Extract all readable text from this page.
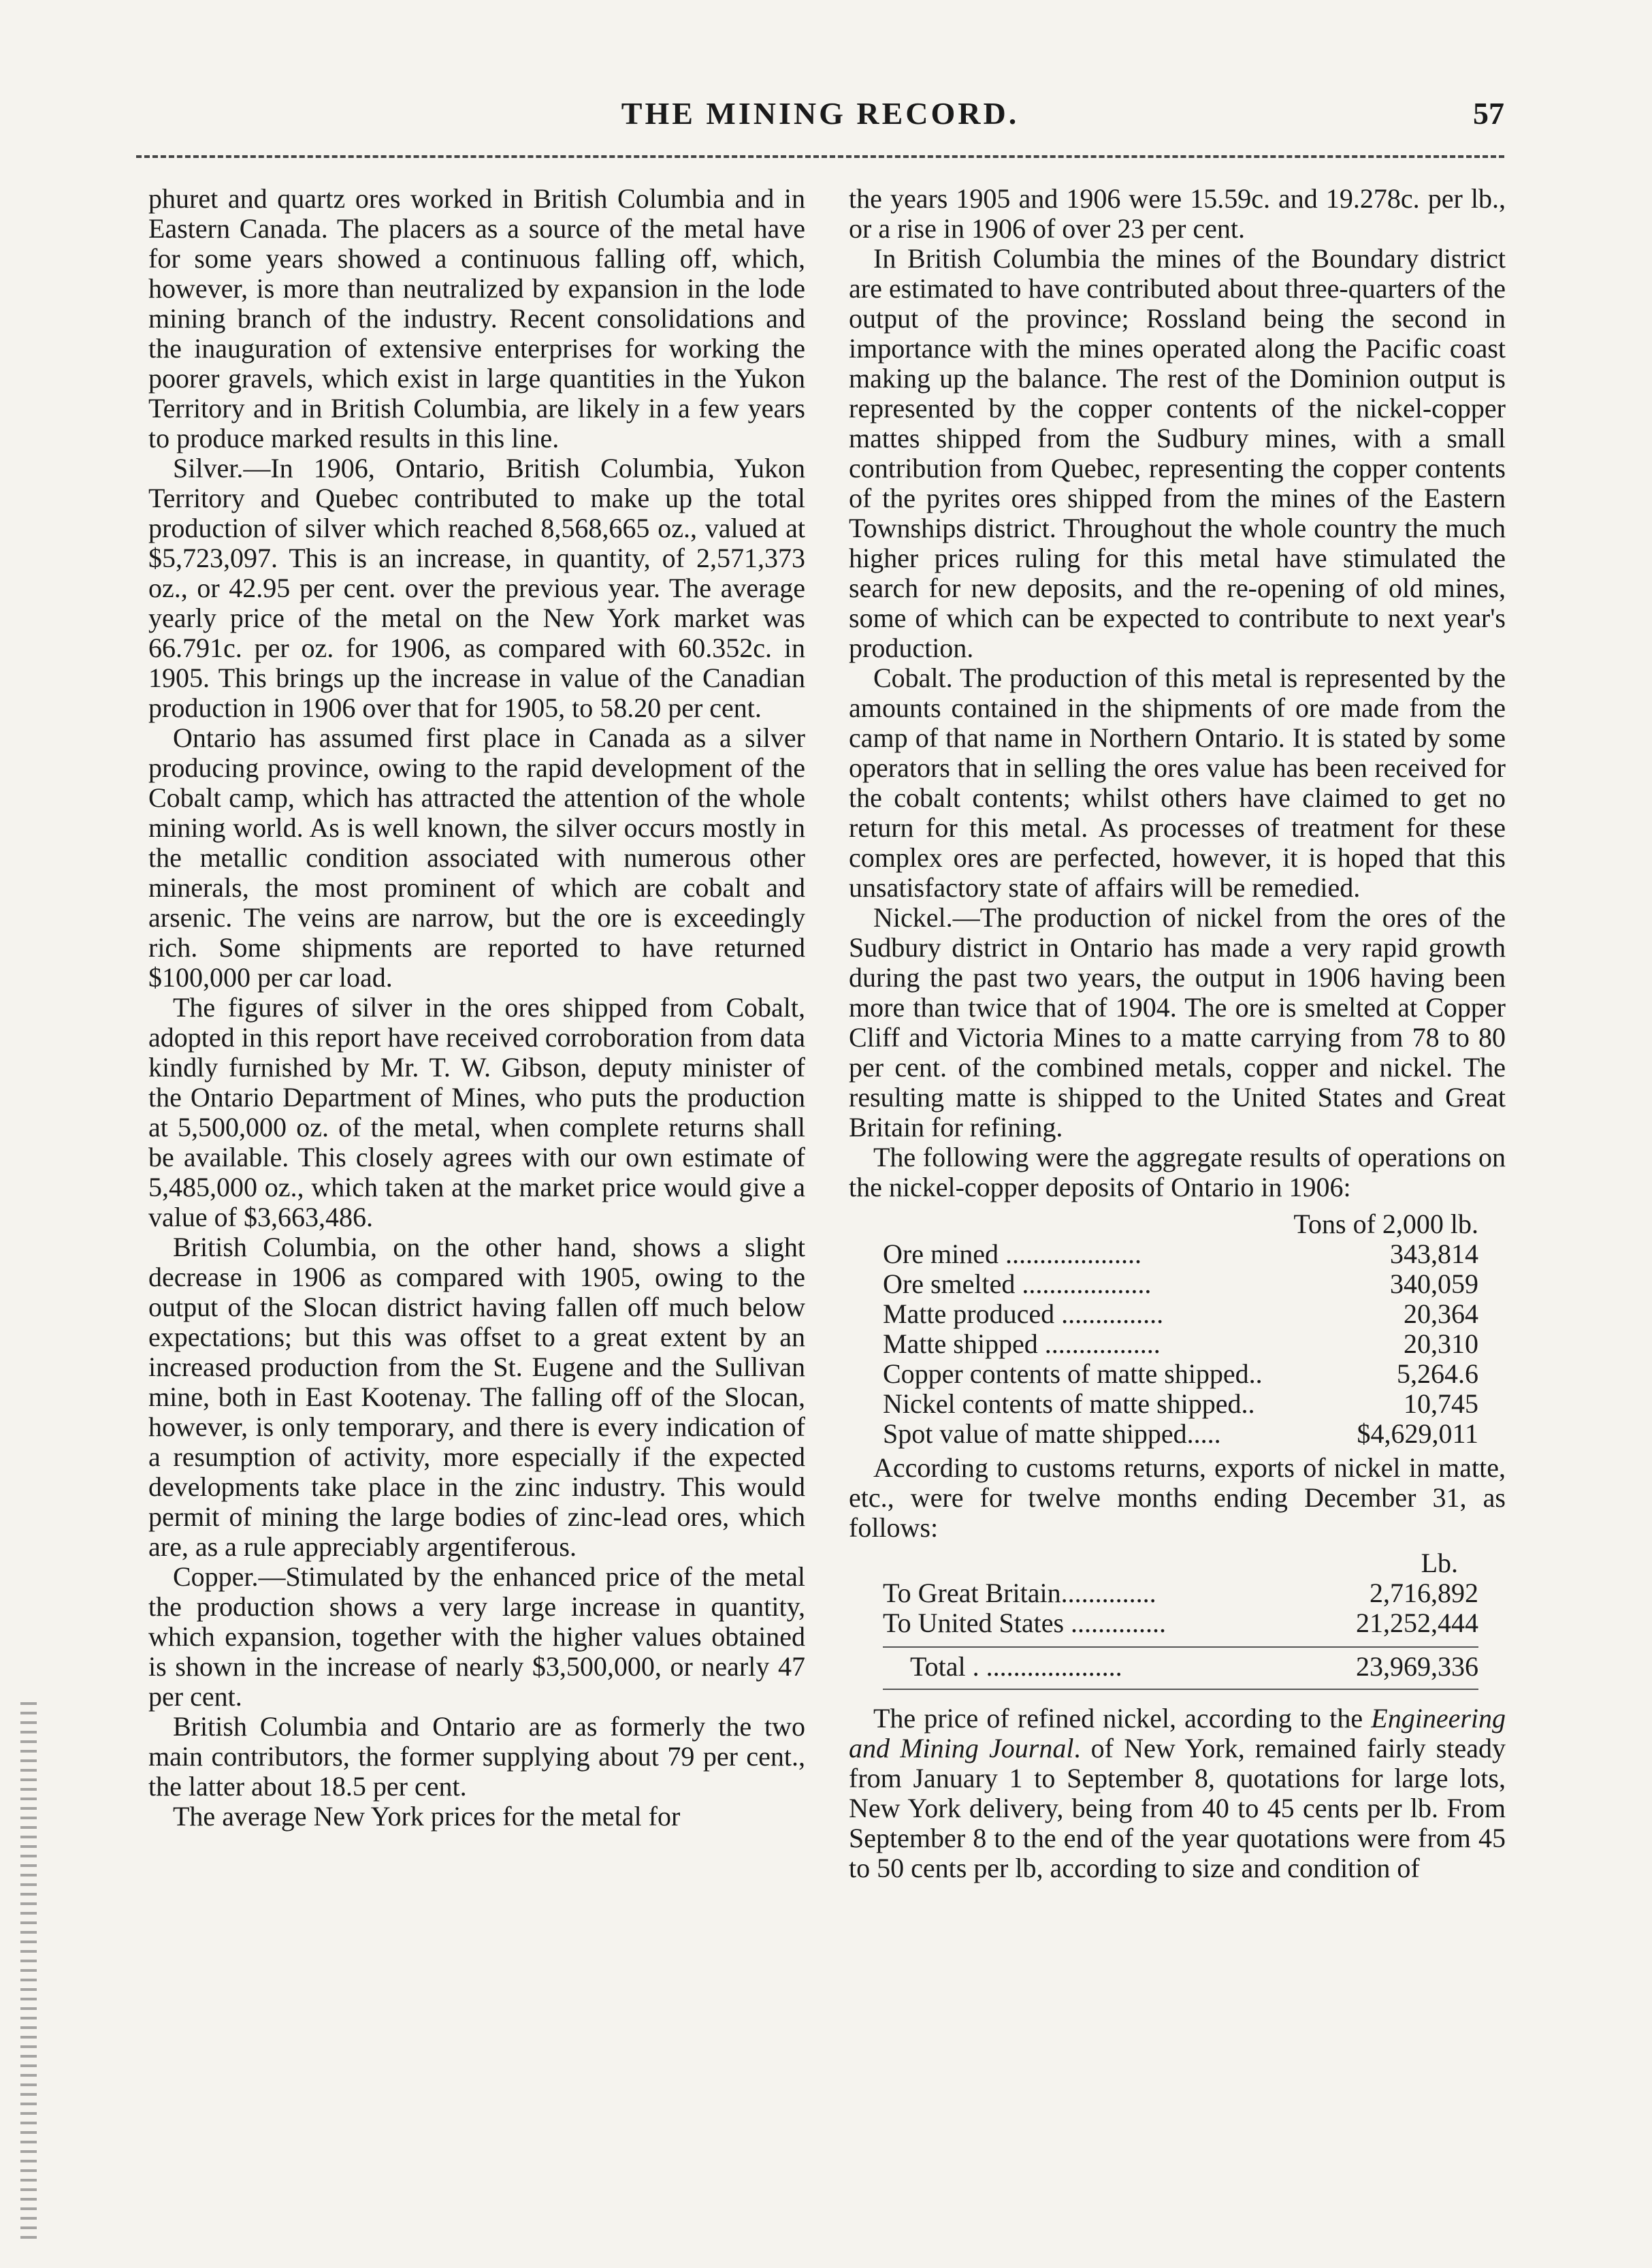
THE MINING RECORD.	57

phuret and quartz ores worked in British Columbia and in Eastern Canada. The placers as a source of the metal have for some years showed a continuous falling off, which, however, is more than neutralized by expansion in the lode mining branch of the industry. Recent consolidations and the inauguration of extensive enterprises for working the poorer gravels, which exist in large quantities in the Yukon Territory and in British Columbia, are likely in a few years to produce marked results in this line.

Silver.—In 1906, Ontario, British Columbia, Yukon Territory and Quebec contributed to make up the total production of silver which reached 8,568,665 oz., valued at $5,723,097. This is an increase, in quantity, of 2,571,373 oz., or 42.95 per cent. over the previous year. The average yearly price of the metal on the New York market was 66.791c. per oz. for 1906, as compared with 60.352c. in 1905. This brings up the increase in value of the Canadian production in 1906 over that for 1905, to 58.20 per cent.

Ontario has assumed first place in Canada as a silver producing province, owing to the rapid development of the Cobalt camp, which has attracted the attention of the whole mining world. As is well known, the silver occurs mostly in the metallic condition associated with numerous other minerals, the most prominent of which are cobalt and arsenic. The veins are narrow, but the ore is exceedingly rich. Some shipments are reported to have returned $100,000 per car load.

The figures of silver in the ores shipped from Cobalt, adopted in this report have received corroboration from data kindly furnished by Mr. T. W. Gibson, deputy minister of the Ontario Department of Mines, who puts the production at 5,500,000 oz. of the metal, when complete returns shall be available. This closely agrees with our own estimate of 5,485,000 oz., which taken at the market price would give a value of $3,663,486.

British Columbia, on the other hand, shows a slight decrease in 1906 as compared with 1905, owing to the output of the Slocan district having fallen off much below expectations; but this was offset to a great extent by an increased production from the St. Eugene and the Sullivan mine, both in East Kootenay. The falling off of the Slocan, however, is only temporary, and there is every indication of a resumption of activity, more especially if the expected developments take place in the zinc industry. This would permit of mining the large bodies of zinc-lead ores, which are, as a rule appreciably argentiferous.

Copper.—Stimulated by the enhanced price of the metal the production shows a very large increase in quantity, which expansion, together with the higher values obtained is shown in the increase of nearly $3,500,000, or nearly 47 per cent.

British Columbia and Ontario are as formerly the two main contributors, the former supplying about 79 per cent., the latter about 18.5 per cent.

The average New York prices for the metal for

the years 1905 and 1906 were 15.59c. and 19.278c. per lb., or a rise in 1906 of over 23 per cent.

In British Columbia the mines of the Boundary district are estimated to have contributed about three-quarters of the output of the province; Rossland being the second in importance with the mines operated along the Pacific coast making up the balance. The rest of the Dominion output is represented by the copper contents of the nickel-copper mattes shipped from the Sudbury mines, with a small contribution from Quebec, representing the copper contents of the pyrites ores shipped from the mines of the Eastern Townships district. Throughout the whole country the much higher prices ruling for this metal have stimulated the search for new deposits, and the re-opening of old mines, some of which can be expected to contribute to next year's production.

Cobalt. The production of this metal is represented by the amounts contained in the shipments of ore made from the camp of that name in Northern Ontario. It is stated by some operators that in selling the ores value has been received for the cobalt contents; whilst others have claimed to get no return for this metal. As processes of treatment for these complex ores are perfected, however, it is hoped that this unsatisfactory state of affairs will be remedied.

Nickel.—The production of nickel from the ores of the Sudbury district in Ontario has made a very rapid growth during the past two years, the output in 1906 having been more than twice that of 1904. The ore is smelted at Copper Cliff and Victoria Mines to a matte carrying from 78 to 80 per cent. of the combined metals, copper and nickel. The resulting matte is shipped to the United States and Great Britain for refining.

The following were the aggregate results of operations on the nickel-copper deposits of Ontario in 1906:

Tons of 2,000 lb.
Ore mined ....................	343,814
Ore smelted ...................	340,059
Matte produced ...............	20,364
Matte shipped .................	20,310
Copper contents of matte shipped..	5,264.6
Nickel contents of matte shipped..	10,745
Spot value of matte shipped.....	$4,629,011

According to customs returns, exports of nickel in matte, etc., were for twelve months ending December 31, as follows:

Lb.
To Great Britain..............	2,716,892
To United States ..............	21,252,444
Total . ....................	23,969,336

The price of refined nickel, according to the Engineering and Mining Journal. of New York, remained fairly steady from January 1 to September 8, quotations for large lots, New York delivery, being from 40 to 45 cents per lb. From September 8 to the end of the year quotations were from 45 to 50 cents per lb, according to size and condition of
